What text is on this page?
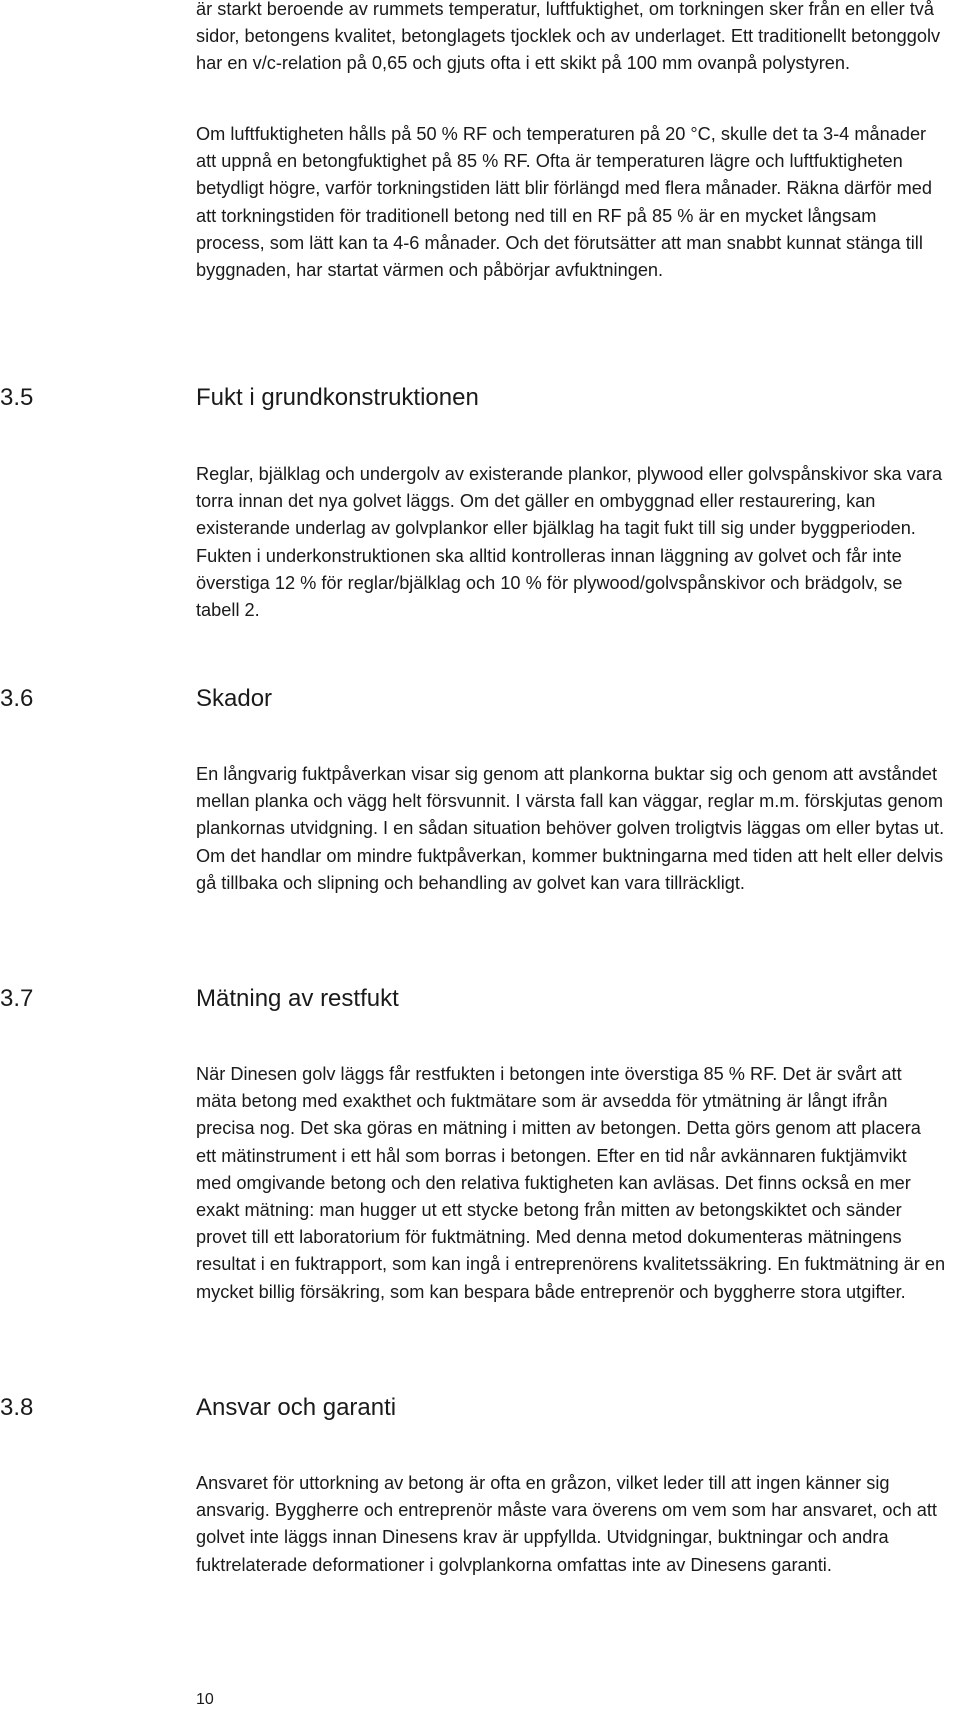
är starkt beroende av rummets temperatur, luftfuktighet, om torkningen sker från en eller två sidor, betongens kvalitet, betonglagets tjocklek och av underlaget. Ett traditionellt betonggolv har en v/c-relation på 0,65 och gjuts ofta i ett skikt på 100 mm ovanpå polystyren.

Om luftfuktigheten hålls på 50 % RF och temperaturen på 20 °C, skulle det ta 3-4 månader att uppnå en betongfuktighet på 85 % RF. Ofta är temperaturen lägre och luftfuktigheten betydligt högre, varför torkningstiden lätt blir förlängd med flera månader. Räkna därför med att torkningstiden för traditionell betong ned till en RF på 85 % är en mycket långsam process, som lätt kan ta 4-6 månader. Och det förutsätter att man snabbt kunnat stänga till byggnaden, har startat värmen och påbörjar avfuktningen.

3.5	Fukt i grundkonstruktionen

Reglar, bjälklag och undergolv av existerande plankor, plywood eller golvspånskivor ska vara torra innan det nya golvet läggs. Om det gäller en ombyggnad eller restaurering, kan existerande underlag av golvplankor eller bjälklag ha tagit fukt till sig under byggperioden. Fukten i underkonstruktionen ska alltid kontrolleras innan läggning av golvet och får inte överstiga 12 % för reglar/bjälklag och 10 % för plywood/golvspånskivor och brädgolv, se tabell 2.

3.6	Skador

En långvarig fuktpåverkan visar sig genom att plankorna buktar sig och genom att avståndet mellan planka och vägg helt försvunnit. I värsta fall kan väggar, reglar m.m. förskjutas genom plankornas utvidgning. I en sådan situation behöver golven troligtvis läggas om eller bytas ut. Om det handlar om mindre fuktpåverkan, kommer buktningarna med tiden att helt eller delvis gå tillbaka och slipning och behandling av golvet kan vara tillräckligt.

3.7	Mätning av restfukt

När Dinesen golv läggs får restfukten i betongen inte överstiga 85 % RF. Det är svårt att mäta betong med exakthet och fuktmätare som är avsedda för ytmätning är långt ifrån precisa nog. Det ska göras en mätning i mitten av betongen. Detta görs genom att placera ett mätinstrument i ett hål som borras i betongen. Efter en tid når avkännaren fuktjämvikt med omgivande betong och den relativa fuktigheten kan avläsas. Det finns också en mer exakt mätning: man hugger ut ett stycke betong från mitten av betongskiktet och sänder provet till ett laboratorium för fuktmätning. Med denna metod dokumenteras mätningens resultat i en fuktrapport, som kan ingå i entreprenörens kvalitetssäkring. En fuktmätning är en mycket billig försäkring, som kan bespara både entreprenör och byggherre stora utgifter.

3.8	Ansvar och garanti

Ansvaret för uttorkning av betong är ofta en gråzon, vilket leder till att ingen känner sig ansvarig. Byggherre och entreprenör måste vara överens om vem som har ansvaret, och att golvet inte läggs innan Dinesens krav är uppfyllda. Utvidgningar, buktningar och andra fuktrelaterade deformationer i golvplankorna omfattas inte av Dinesens garanti.

10
